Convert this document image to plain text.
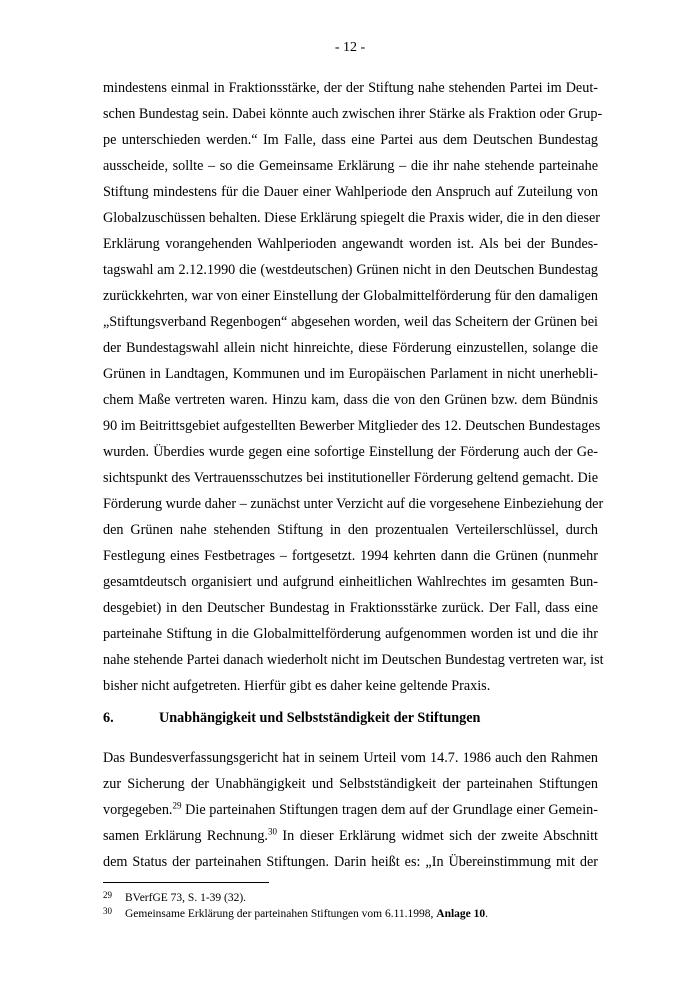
- 12 -
mindestens einmal in Fraktionsstärke, der der Stiftung nahe stehenden Partei im Deut-
schen Bundestag sein. Dabei könnte auch zwischen ihrer Stärke als Fraktion oder Grup-
pe unterschieden werden.“ Im Falle, dass eine Partei aus dem Deutschen Bundestag
ausscheide, sollte – so die Gemeinsame Erklärung – die ihr nahe stehende parteinahe
Stiftung mindestens für die Dauer einer Wahlperiode den Anspruch auf Zuteilung von
Globalzuschüssen behalten. Diese Erklärung spiegelt die Praxis wider, die in den dieser
Erklärung vorangehenden Wahlperioden angewandt worden ist. Als bei der Bundes-
tagswahl am 2.12.1990 die (westdeutschen) Grünen nicht in den Deutschen Bundestag
zurückkehrten, war von einer Einstellung der Globalmittelförderung für den damaligen
„Stiftungsverband Regenbogen“ abgesehen worden, weil das Scheitern der Grünen bei
der Bundestagswahl allein nicht hinreichte, diese Förderung einzustellen, solange die
Grünen in Landtagen, Kommunen und im Europäischen Parlament in nicht unerhebli-
chem Maße vertreten waren. Hinzu kam, dass die von den Grünen bzw. dem Bündnis
90 im Beitrittsgebiet aufgestellten Bewerber Mitglieder des 12. Deutschen Bundestages
wurden. Überdies wurde gegen eine sofortige Einstellung der Förderung auch der Ge-
sichtspunkt des Vertrauensschutzes bei institutioneller Förderung geltend gemacht. Die
Förderung wurde daher – zunächst unter Verzicht auf die vorgesehene Einbeziehung der
den Grünen nahe stehenden Stiftung in den prozentualen Verteilerschlüssel, durch
Festlegung eines Festbetrages – fortgesetzt. 1994 kehrten dann die Grünen (nunmehr
gesamtdeutsch organisiert und aufgrund einheitlichen Wahlrechtes im gesamten Bun-
desgebiet) in den Deutscher Bundestag in Fraktionsstärke zurück. Der Fall, dass eine
parteinahe Stiftung in die Globalmittelförderung aufgenommen worden ist und die ihr
nahe stehende Partei danach wiederholt nicht im Deutschen Bundestag vertreten war, ist
bisher nicht aufgetreten. Hierfür gibt es daher keine geltende Praxis.
6.	Unabhängigkeit und Selbstständigkeit der Stiftungen
Das Bundesverfassungsgericht hat in seinem Urteil vom 14.7. 1986 auch den Rahmen
zur Sicherung der Unabhängigkeit und Selbstständigkeit der parteinahen Stiftungen
vorgegeben.$^{29}$ Die parteinahen Stiftungen tragen dem auf der Grundlage einer Gemein-
samen Erklärung Rechnung.$^{30}$ In dieser Erklärung widmet sich der zweite Abschnitt
dem Status der parteinahen Stiftungen. Darin heißt es: „In Übereinstimmung mit der
29 BVerfGE 73, S. 1-39 (32).
30 Gemeinsame Erklärung der parteinahen Stiftungen vom 6.11.1998, Anlage 10.
